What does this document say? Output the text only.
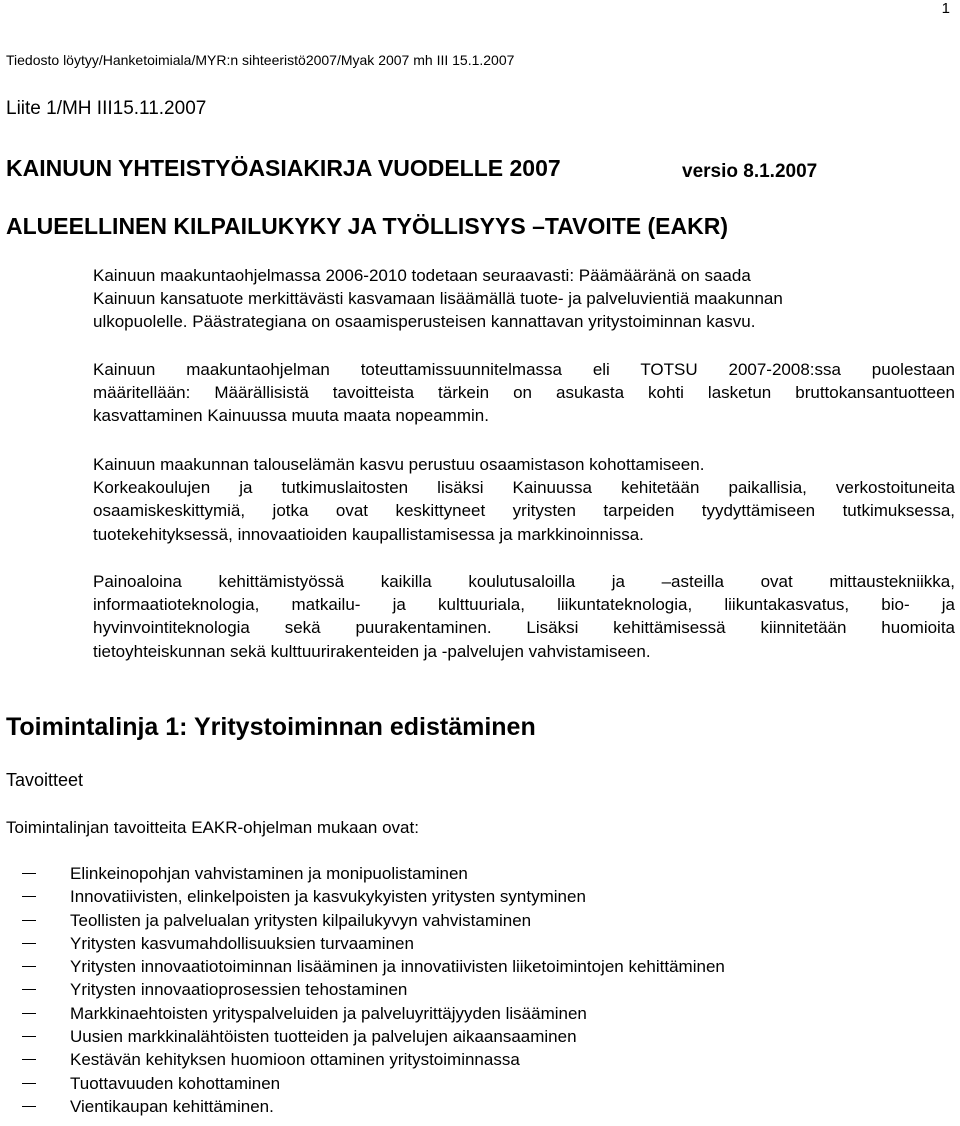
1
Tiedosto löytyy/Hanketoimiala/MYR:n sihteeristö2007/Myak 2007 mh III 15.1.2007
Liite 1/MH III15.11.2007
KAINUUN YHTEISTYÖASIAKIRJA VUODELLE 2007	versio 8.1.2007
ALUEELLINEN KILPAILUKYKY JA TYÖLLISYYS –TAVOITE (EAKR)
Kainuun maakuntaohjelmassa 2006-2010 todetaan seuraavasti: Päämääränä on saada
Kainuun kansatuote merkittävästi kasvamaan lisäämällä tuote- ja palveluvientiä maakunnan
ulkopuolelle. Päästrategiana on osaamisperusteisen kannattavan yritystoiminnan kasvu.
Kainuun maakuntaohjelman toteuttamissuunnitelmassa eli TOTSU 2007-2008:ssa puolestaan
määritellään: Määrällisistä tavoitteista tärkein on asukasta kohti lasketun bruttokansantuotteen
kasvattaminen Kainuussa muuta maata nopeammin.
Kainuun maakunnan talouselämän kasvu perustuu osaamistason kohottamiseen.
Korkeakoulujen ja tutkimuslaitosten lisäksi Kainuussa kehitetään paikallisia, verkostoituneita
osaamiskeskittymiä, jotka ovat keskittyneet yritysten tarpeiden tyydyttämiseen tutkimuksessa,
tuotekehityksessä, innovaatioiden kaupallistamisessa ja markkinoinnissa.
Painoaloina kehittämistyössä kaikilla koulutusaloilla ja –asteilla ovat mittaustekniikka,
informaatioteknologia, matkailu- ja kulttuuriala, liikuntateknologia, liikuntakasvatus, bio- ja
hyvinvointiteknologia sekä puurakentaminen. Lisäksi kehittämisessä kiinnitetään huomioita
tietoyhteiskunnan sekä kulttuurirakenteiden ja -palvelujen vahvistamiseen.
Toimintalinja 1: Yritystoiminnan edistäminen
Tavoitteet
Toimintalinjan tavoitteita EAKR-ohjelman mukaan ovat:
Elinkeinopohjan vahvistaminen ja monipuolistaminen
Innovatiivisten, elinkelpoisten ja kasvukykyisten yritysten syntyminen
Teollisten ja palvelualan yritysten kilpailukyvyn vahvistaminen
Yritysten kasvumahdollisuuksien turvaaminen
Yritysten innovaatiotoiminnan lisääminen ja innovatiivisten liiketoimintojen kehittäminen
Yritysten innovaatioprosessien tehostaminen
Markkinaehtoisten yrityspalveluiden ja palveluyrittäjyyden lisääminen
Uusien markkinalähtöisten tuotteiden ja palvelujen aikaansaaminen
Kestävän kehityksen huomioon ottaminen yritystoiminnassa
Tuottavuuden kohottaminen
Vientikaupan kehittäminen.
